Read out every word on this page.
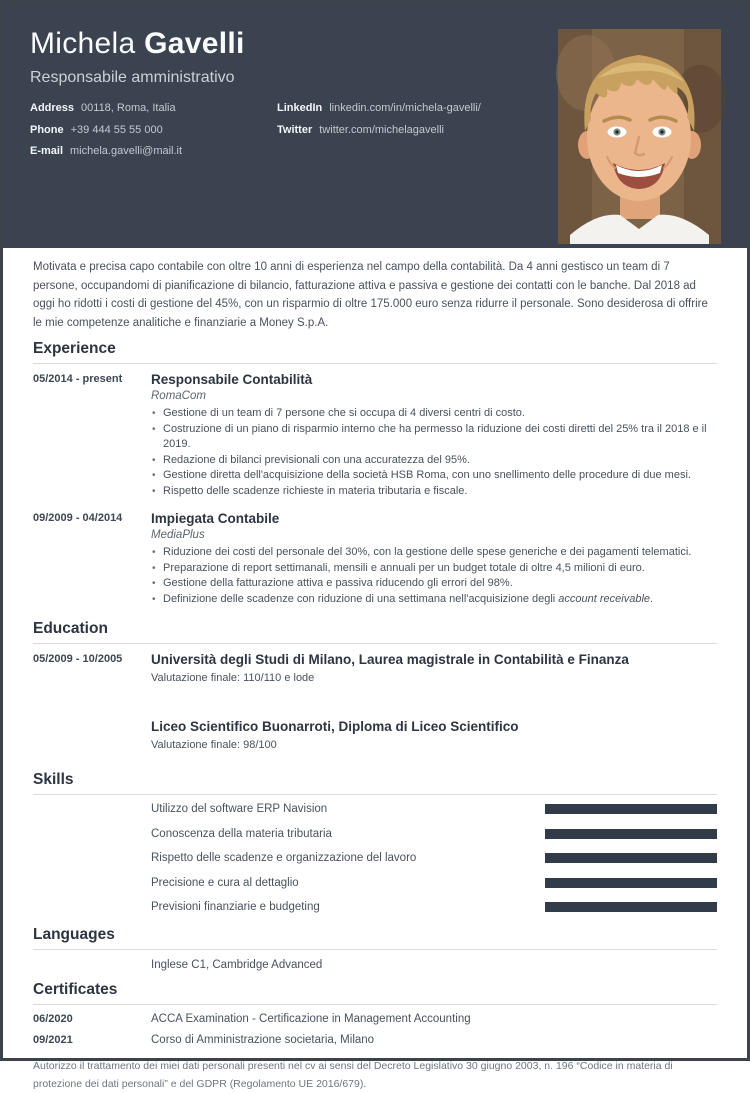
Michela Gavelli
Responsabile amministrativo
Address 00118, Roma, Italia
Phone +39 444 55 55 000
E-mail michela.gavelli@mail.it
LinkedIn linkedin.com/in/michela-gavelli/
Twitter twitter.com/michelagavelli

Motivata e precisa capo contabile con oltre 10 anni di esperienza nel campo della contabilità. Da 4 anni gestisco un team di 7 persone, occupandomi di pianificazione di bilancio, fatturazione attiva e passiva e gestione dei contatti con le banche. Dal 2018 ad oggi ho ridotti i costi di gestione del 45%, con un risparmio di oltre 175.000 euro senza ridurre il personale. Sono desiderosa di offrire le mie competenze analitiche e finanziarie a Money S.p.A.

Experience
05/2014 - present	Responsabile Contabilità
RomaCom
• Gestione di un team di 7 persone che si occupa di 4 diversi centri di costo.
• Costruzione di un piano di risparmio interno che ha permesso la riduzione dei costi diretti del 25% tra il 2018 e il 2019.
• Redazione di bilanci previsionali con una accuratezza del 95%.
• Gestione diretta dell'acquisizione della società HSB Roma, con uno snellimento delle procedure di due mesi.
• Rispetto delle scadenze richieste in materia tributaria e fiscale.
09/2009 - 04/2014	Impiegata Contabile
MediaPlus
• Riduzione dei costi del personale del 30%, con la gestione delle spese generiche e dei pagamenti telematici.
• Preparazione di report settimanali, mensili e annuali per un budget totale di oltre 4,5 milioni di euro.
• Gestione della fatturazione attiva e passiva riducendo gli errori del 98%.
• Definizione delle scadenze con riduzione di una settimana nell'acquisizione degli account receivable.
Education
05/2009 - 10/2005	Università degli Studi di Milano, Laurea magistrale in Contabilità e Finanza
Valutazione finale: 110/110 e lode
Liceo Scientifico Buonarroti, Diploma di Liceo Scientifico
Valutazione finale: 98/100
Skills
Utilizzo del software ERP Navision
Conoscenza della materia tributaria
Rispetto delle scadenze e organizzazione del lavoro
Precisione e cura al dettaglio
Previsioni finanziarie e budgeting
Languages
Inglese C1, Cambridge Advanced
Certificates
06/2020	ACCA Examination - Certificazione in Management Accounting
09/2021	Corso di Amministrazione societaria, Milano

Autorizzo il trattamento dei miei dati personali presenti nel cv ai sensi del Decreto Legislativo 30 giugno 2003, n. 196 “Codice in materia di protezione dei dati personali” e del GDPR (Regolamento UE 2016/679).
